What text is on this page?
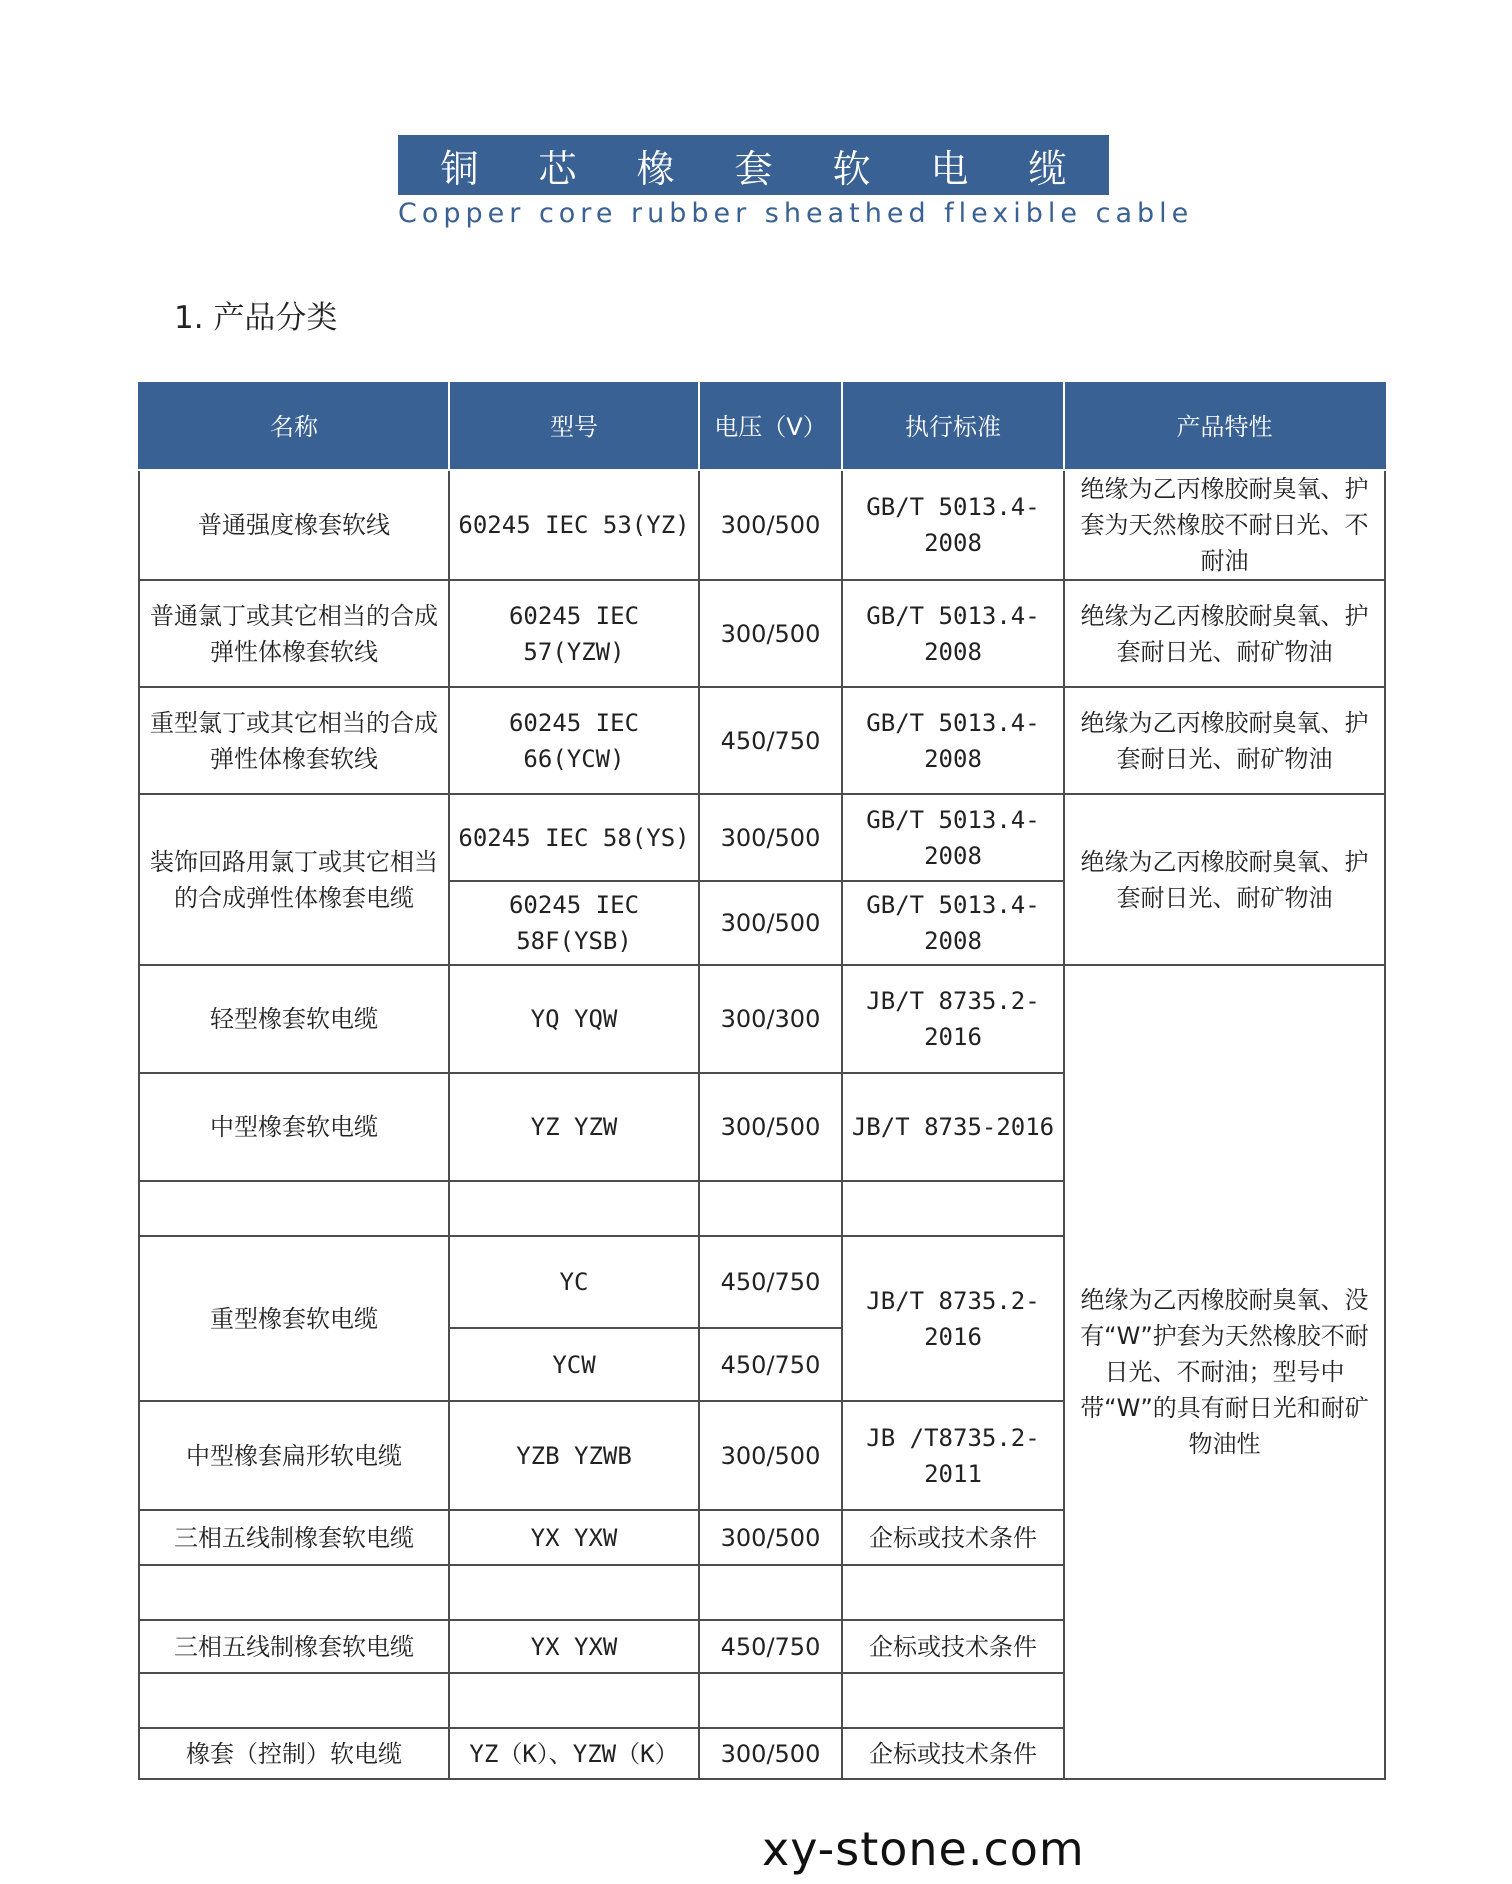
铜芯橡套软电缆
Copper core rubber sheathed flexible cable
1. 产品分类
名称	型号	电压（V）	执行标准	产品特性
普通强度橡套软线	60245 IEC 53(YZ)	300/500	GB/T 5013.4-2008	绝缘为乙丙橡胶耐臭氧、护套为天然橡胶不耐日光、不耐油
普通氯丁或其它相当的合成弹性体橡套软线	60245 IEC 57(YZW)	300/500	GB/T 5013.4-2008	绝缘为乙丙橡胶耐臭氧、护套耐日光、耐矿物油
重型氯丁或其它相当的合成弹性体橡套软线	60245 IEC 66(YCW)	450/750	GB/T 5013.4-2008	绝缘为乙丙橡胶耐臭氧、护套耐日光、耐矿物油
装饰回路用氯丁或其它相当的合成弹性体橡套电缆	60245 IEC 58(YS)	300/500	GB/T 5013.4-2008	绝缘为乙丙橡胶耐臭氧、护套耐日光、耐矿物油
	60245 IEC 58F(YSB)	300/500	GB/T 5013.4-2008	
轻型橡套软电缆	YQ YQW	300/300	JB/T 8735.2-2016	绝缘为乙丙橡胶耐臭氧、没有“W”护套为天然橡胶不耐日光、不耐油；型号中带“W”的具有耐日光和耐矿物油性
中型橡套软电缆	YZ YZW	300/500	JB/T 8735-2016	

重型橡套软电缆	YC	450/750	JB/T 8735.2-2016	
	YCW	450/750		
中型橡套扁形软电缆	YZB YZWB	300/500	JB /T8735.2-2011	
三相五线制橡套软电缆	YX YXW	300/500	企标或技术条件	

三相五线制橡套软电缆	YX YXW	450/750	企标或技术条件	

橡套（控制）软电缆	YZ（K）、YZW（K）	300/500	企标或技术条件	
xy-stone.com
